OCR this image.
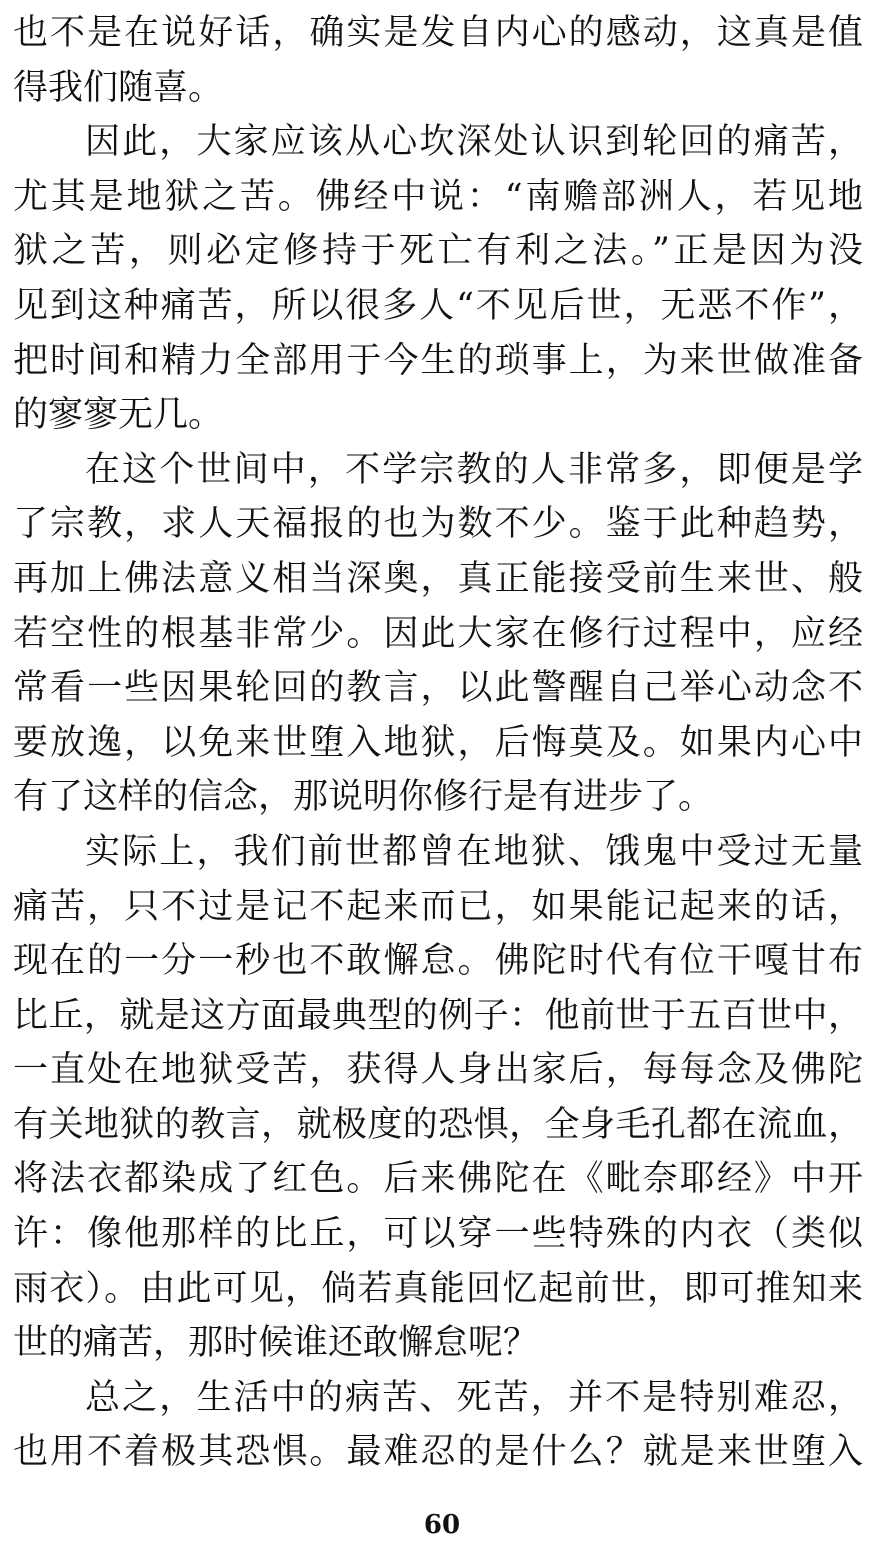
也不是在说好话，确实是发自内心的感动，这真是值
得我们随喜。
因此，大家应该从心坎深处认识到轮回的痛苦，
尤其是地狱之苦。佛经中说：“南赡部洲人，若见地
狱之苦，则必定修持于死亡有利之法。”正是因为没
见到这种痛苦，所以很多人“不见后世，无恶不作”，
把时间和精力全部用于今生的琐事上，为来世做准备
的寥寥无几。
在这个世间中，不学宗教的人非常多，即便是学
了宗教，求人天福报的也为数不少。鉴于此种趋势，
再加上佛法意义相当深奥，真正能接受前生来世、般
若空性的根基非常少。因此大家在修行过程中，应经
常看一些因果轮回的教言，以此警醒自己举心动念不
要放逸，以免来世堕入地狱，后悔莫及。如果内心中
有了这样的信念，那说明你修行是有进步了。
实际上，我们前世都曾在地狱、饿鬼中受过无量
痛苦，只不过是记不起来而已，如果能记起来的话，
现在的一分一秒也不敢懈怠。佛陀时代有位干嘎甘布
比丘，就是这方面最典型的例子：他前世于五百世中，
一直处在地狱受苦，获得人身出家后，每每念及佛陀
有关地狱的教言，就极度的恐惧，全身毛孔都在流血，
将法衣都染成了红色。后来佛陀在《毗奈耶经》中开
许：像他那样的比丘，可以穿一些特殊的内衣（类似
雨衣）。由此可见，倘若真能回忆起前世，即可推知来
世的痛苦，那时候谁还敢懈怠呢？
总之，生活中的病苦、死苦，并不是特别难忍，
也用不着极其恐惧。最难忍的是什么？就是来世堕入
60
